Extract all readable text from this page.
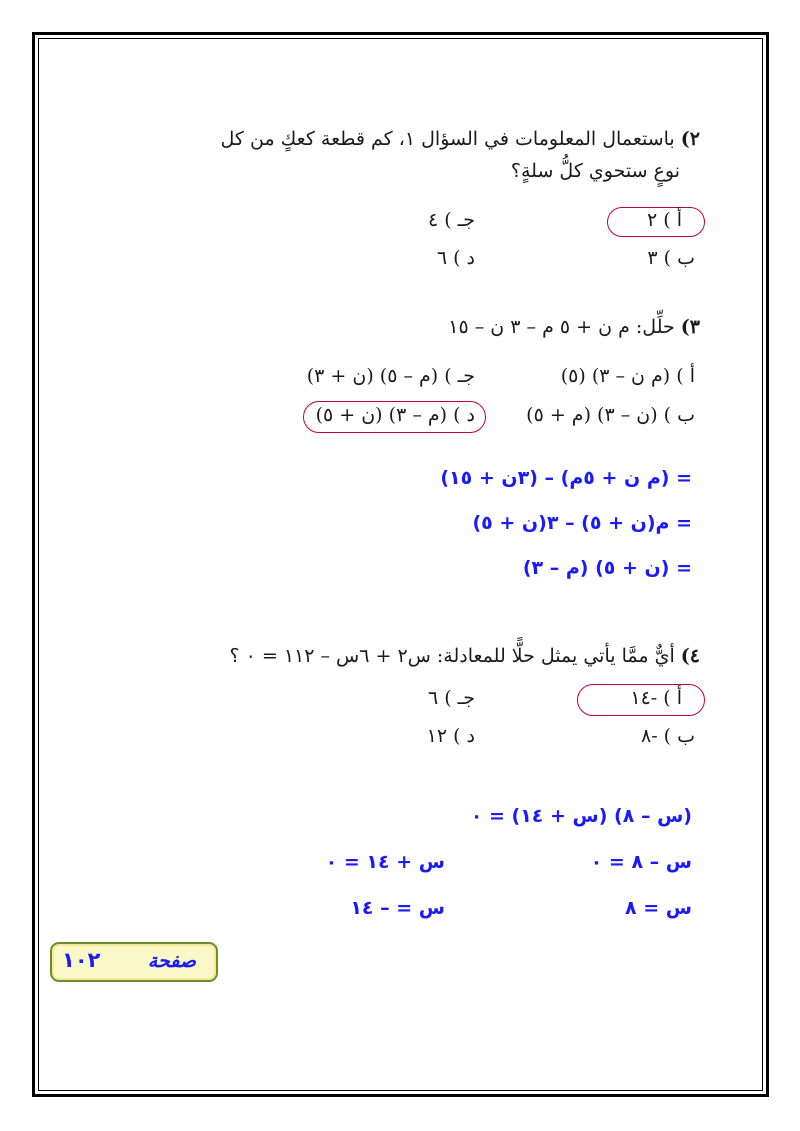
٢) باستعمال المعلومات في السؤال ١، كم قطعة كعكٍ من كل
نوعٍ ستحوي كلُّ سلةٍ؟
أ ) ٢
جـ ) ٤
ب ) ٣
د ) ٦
٣) حلِّل: م ن + ٥ م – ٣ ن – ١٥
أ ) (م ن – ٣) (٥)
جـ ) (م – ٥) (ن + ٣)
ب ) (ن – ٣) (م + ٥)
د ) (م – ٣) (ن + ٥)
= (م ن + ٥م) – (٣ن + ١٥)
= م(ن + ٥) – ٣(ن + ٥)
= (ن + ٥) (م – ٣)
٤) أيٌّ ممَّا يأتي يمثل حلًّا للمعادلة: س٢ + ٦س – ١١٢ = ٠ ؟
أ ) -١٤
جـ ) ٦
ب ) -٨
د ) ١٢
(س – ٨) (س + ١٤) = ٠
س – ٨ = ٠
س + ١٤ = ٠
س = ٨
س = – ١٤
صفحة
١٠٢
